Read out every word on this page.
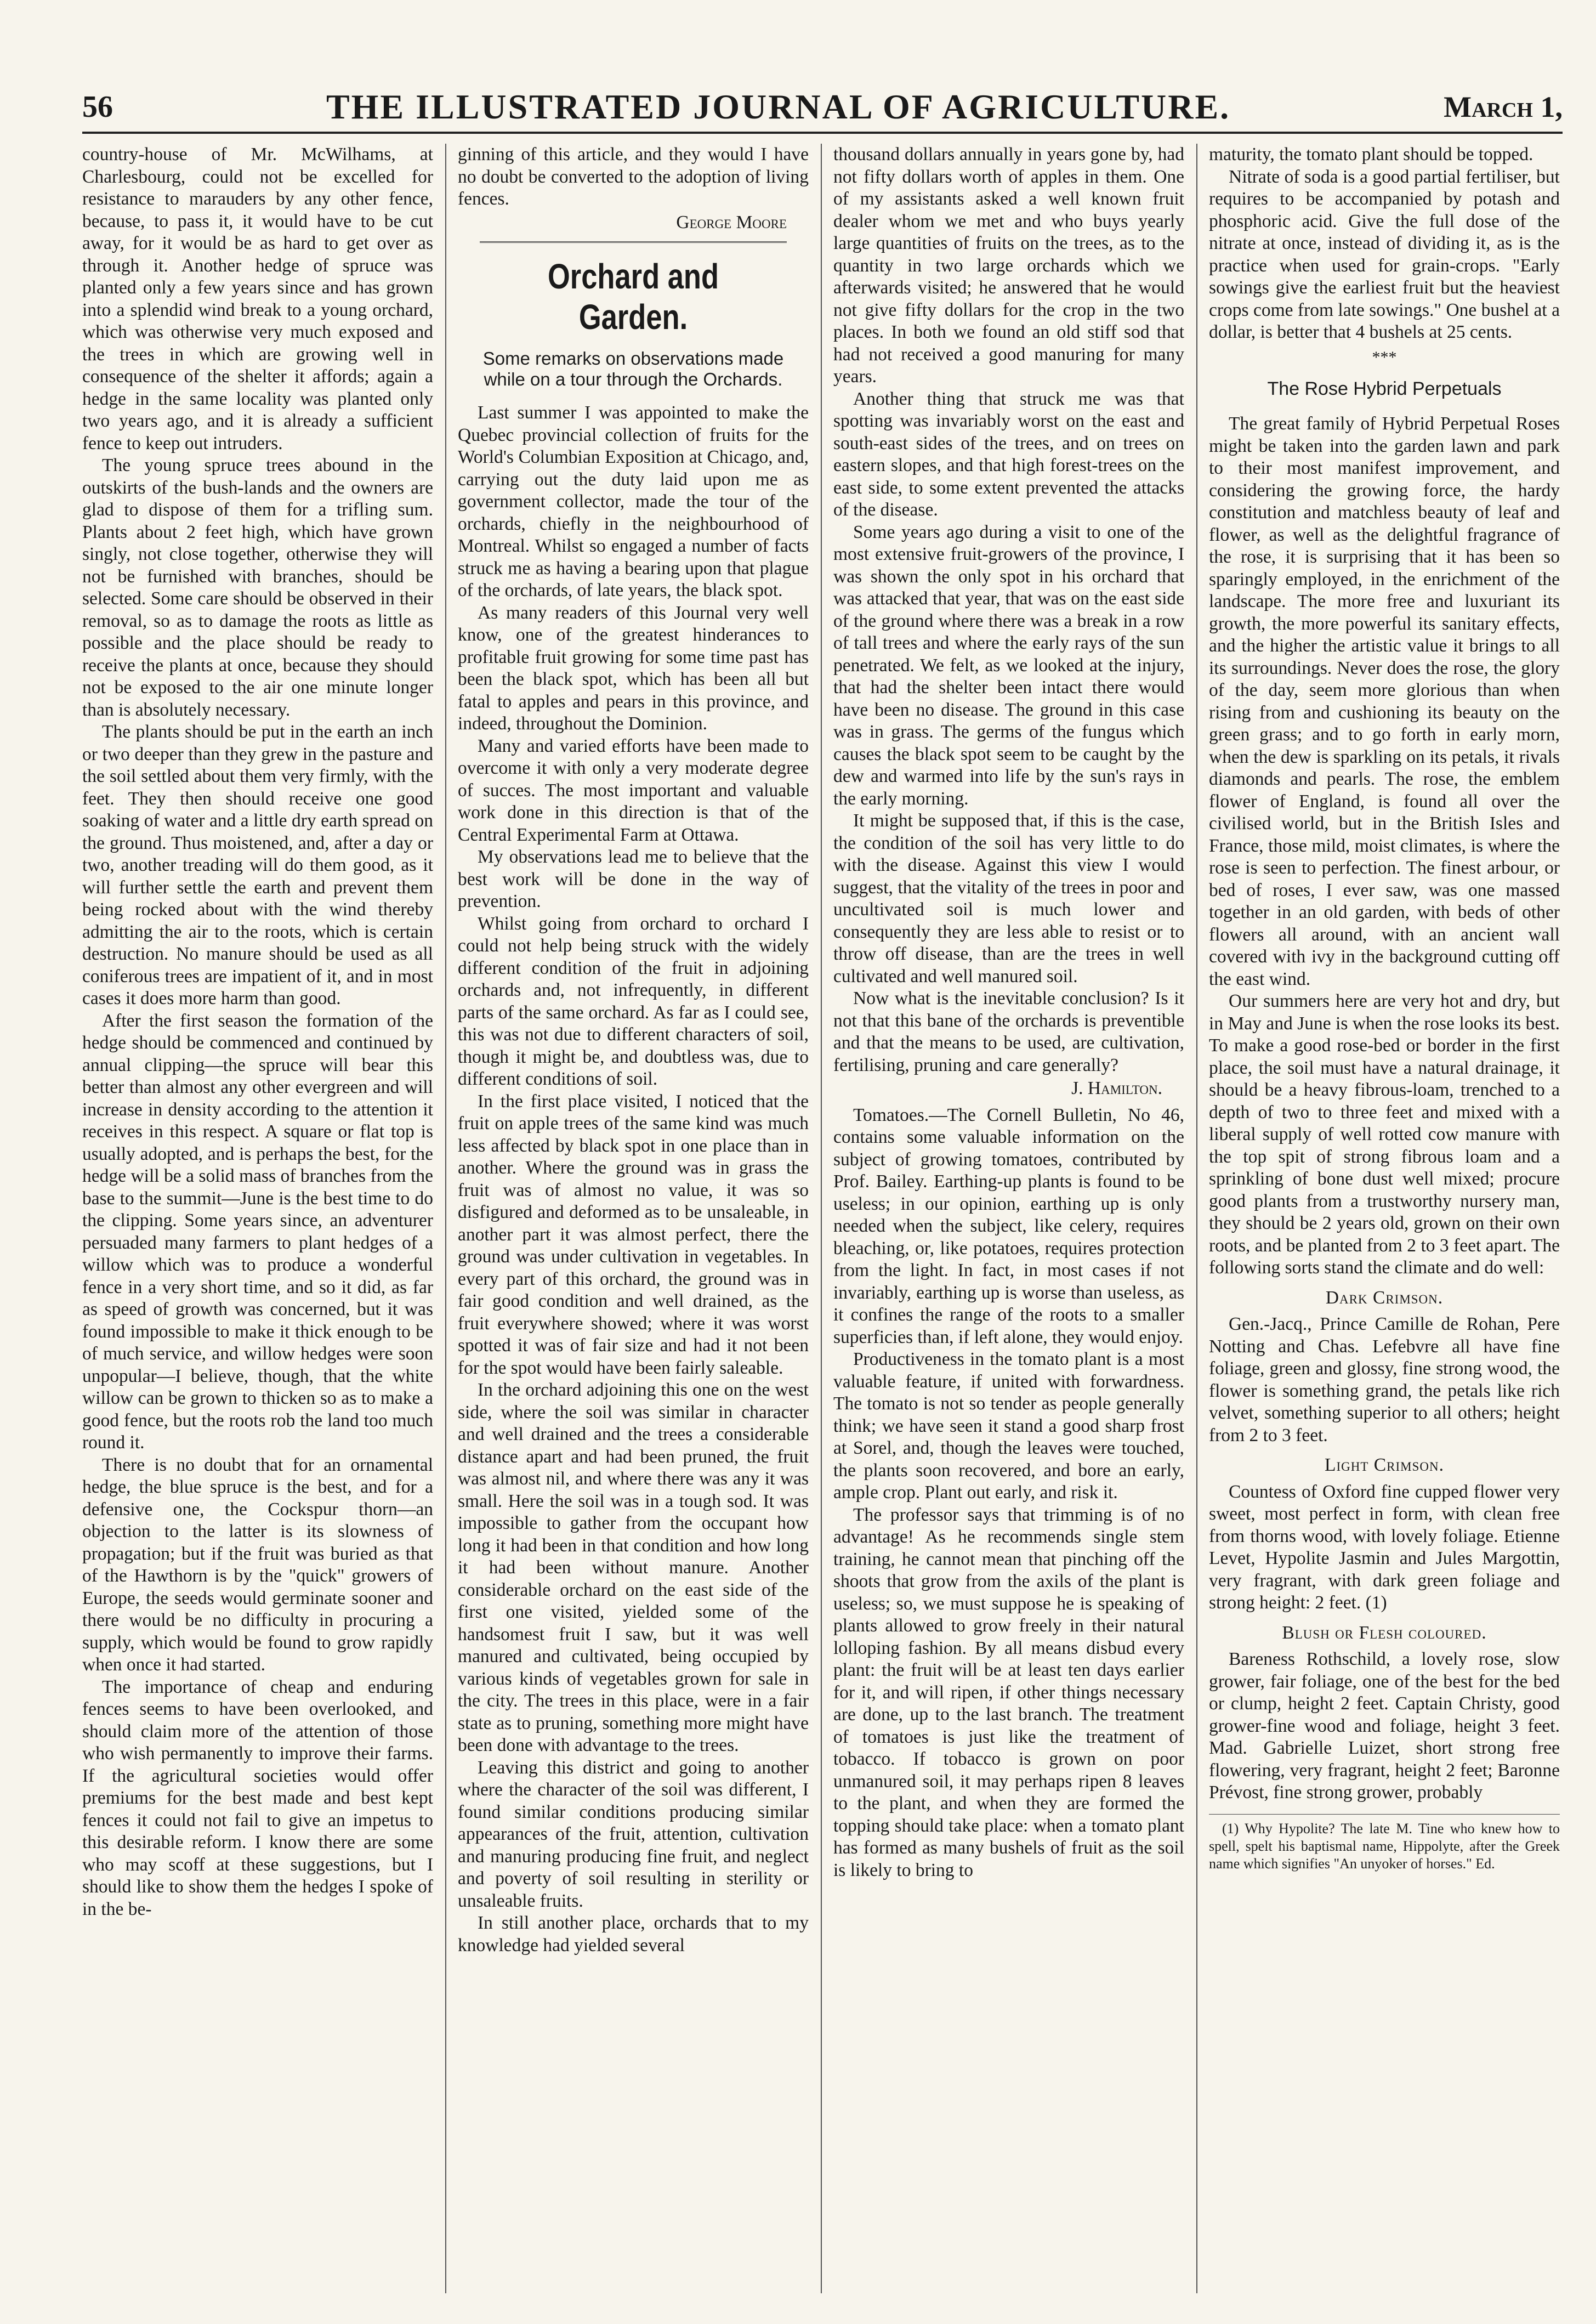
56	THE ILLUSTRATED JOURNAL OF AGRICULTURE.	March 1,

country-house of Mr. McWilhams, at Charlesbourg, could not be excelled for resistance to marauders by any other fence, because, to pass it, it would have to be cut away, for it would be as hard to get over as through it. Another hedge of spruce was planted only a few years since and has grown into a splendid wind break to a young orchard, which was otherwise very much exposed and the trees in which are growing well in consequence of the shelter it affords; again a hedge in the same locality was planted only two years ago, and it is already a sufficient fence to keep out intruders.

The young spruce trees abound in the outskirts of the bush-lands and the owners are glad to dispose of them for a trifling sum. Plants about 2 feet high, which have grown singly, not close together, otherwise they will not be furnished with branches, should be selected. Some care should be observed in their removal, so as to damage the roots as little as possible and the place should be ready to receive the plants at once, because they should not be exposed to the air one minute longer than is absolutely necessary.

The plants should be put in the earth an inch or two deeper than they grew in the pasture and the soil settled about them very firmly, with the feet. They then should receive one good soaking of water and a little dry earth spread on the ground. Thus moistened, and, after a day or two, another treading will do them good, as it will further settle the earth and prevent them being rocked about with the wind thereby admitting the air to the roots, which is certain destruction. No manure should be used as all coniferous trees are impatient of it, and in most cases it does more harm than good.

After the first season the formation of the hedge should be commenced and continued by annual clipping—the spruce will bear this better than almost any other evergreen and will increase in density according to the attention it receives in this respect. A square or flat top is usually adopted, and is perhaps the best, for the hedge will be a solid mass of branches from the base to the summit—June is the best time to do the clipping. Some years since, an adventurer persuaded many farmers to plant hedges of a willow which was to produce a wonderful fence in a very short time, and so it did, as far as speed of growth was concerned, but it was found impossible to make it thick enough to be of much service, and willow hedges were soon unpopular—I believe, though, that the white willow can be grown to thicken so as to make a good fence, but the roots rob the land too much round it.

There is no doubt that for an ornamental hedge, the blue spruce is the best, and for a defensive one, the Cockspur thorn—an objection to the latter is its slowness of propagation; but if the fruit was buried as that of the Hawthorn is by the "quick" growers of Europe, the seeds would germinate sooner and there would be no difficulty in procuring a supply, which would be found to grow rapidly when once it had started.

The importance of cheap and enduring fences seems to have been overlooked, and should claim more of the attention of those who wish permanently to improve their farms. If the agricultural societies would offer premiums for the best made and best kept fences it could not fail to give an impetus to this desirable reform. I know there are some who may scoff at these suggestions, but I should like to show them the hedges I spoke of in the be-

ginning of this article, and they would I have no doubt be converted to the adoption of living fences.

George Moore
Orchard and Garden.
Some remarks on observations made while on a tour through the Orchards.

Last summer I was appointed to make the Quebec provincial collection of fruits for the World's Columbian Exposition at Chicago, and, carrying out the duty laid upon me as government collector, made the tour of the orchards, chiefly in the neighbourhood of Montreal. Whilst so engaged a number of facts struck me as having a bearing upon that plague of the orchards, of late years, the black spot.

As many readers of this Journal very well know, one of the greatest hinderances to profitable fruit growing for some time past has been the black spot, which has been all but fatal to apples and pears in this province, and indeed, throughout the Dominion.

Many and varied efforts have been made to overcome it with only a very moderate degree of succes. The most important and valuable work done in this direction is that of the Central Experimental Farm at Ottawa.

My observations lead me to believe that the best work will be done in the way of prevention.

Whilst going from orchard to orchard I could not help being struck with the widely different condition of the fruit in adjoining orchards and, not infrequently, in different parts of the same orchard. As far as I could see, this was not due to different characters of soil, though it might be, and doubtless was, due to different conditions of soil.

In the first place visited, I noticed that the fruit on apple trees of the same kind was much less affected by black spot in one place than in another. Where the ground was in grass the fruit was of almost no value, it was so disfigured and deformed as to be unsaleable, in another part it was almost perfect, there the ground was under cultivation in vegetables. In every part of this orchard, the ground was in fair good condition and well drained, as the fruit everywhere showed; where it was worst spotted it was of fair size and had it not been for the spot would have been fairly saleable.

In the orchard adjoining this one on the west side, where the soil was similar in character and well drained and the trees a considerable distance apart and had been pruned, the fruit was almost nil, and where there was any it was small. Here the soil was in a tough sod. It was impossible to gather from the occupant how long it had been in that condition and how long it had been without manure. Another considerable orchard on the east side of the first one visited, yielded some of the handsomest fruit I saw, but it was well manured and cultivated, being occupied by various kinds of vegetables grown for sale in the city. The trees in this place, were in a fair state as to pruning, something more might have been done with advantage to the trees.

Leaving this district and going to another where the character of the soil was different, I found similar conditions producing similar appearances of the fruit, attention, cultivation and manuring producing fine fruit, and neglect and poverty of soil resulting in sterility or unsaleable fruits.

In still another place, orchards that to my knowledge had yielded several

thousand dollars annually in years gone by, had not fifty dollars worth of apples in them. One of my assistants asked a well known fruit dealer whom we met and who buys yearly large quantities of fruits on the trees, as to the quantity in two large orchards which we afterwards visited; he answered that he would not give fifty dollars for the crop in the two places. In both we found an old stiff sod that had not received a good manuring for many years.

Another thing that struck me was that spotting was invariably worst on the east and south-east sides of the trees, and on trees on eastern slopes, and that high forest-trees on the east side, to some extent prevented the attacks of the disease.

Some years ago during a visit to one of the most extensive fruit-growers of the province, I was shown the only spot in his orchard that was attacked that year, that was on the east side of the ground where there was a break in a row of tall trees and where the early rays of the sun penetrated. We felt, as we looked at the injury, that had the shelter been intact there would have been no disease. The ground in this case was in grass. The germs of the fungus which causes the black spot seem to be caught by the dew and warmed into life by the sun's rays in the early morning.

It might be supposed that, if this is the case, the condition of the soil has very little to do with the disease. Against this view I would suggest, that the vitality of the trees in poor and uncultivated soil is much lower and consequently they are less able to resist or to throw off disease, than are the trees in well cultivated and well manured soil.

Now what is the inevitable conclusion? Is it not that this bane of the orchards is preventible and that the means to be used, are cultivation, fertilising, pruning and care generally?

J. Hamilton.

Tomatoes.—The Cornell Bulletin, No 46, contains some valuable information on the subject of growing tomatoes, contributed by Prof. Bailey. Earthing-up plants is found to be useless; in our opinion, earthing up is only needed when the subject, like celery, requires bleaching, or, like potatoes, requires protection from the light. In fact, in most cases if not invariably, earthing up is worse than useless, as it confines the range of the roots to a smaller superficies than, if left alone, they would enjoy.

Productiveness in the tomato plant is a most valuable feature, if united with forwardness. The tomato is not so tender as people generally think; we have seen it stand a good sharp frost at Sorel, and, though the leaves were touched, the plants soon recovered, and bore an early, ample crop. Plant out early, and risk it.

The professor says that trimming is of no advantage! As he recommends single stem training, he cannot mean that pinching off the shoots that grow from the axils of the plant is useless; so, we must suppose he is speaking of plants allowed to grow freely in their natural lolloping fashion. By all means disbud every plant: the fruit will be at least ten days earlier for it, and will ripen, if other things necessary are done, up to the last branch. The treatment of tomatoes is just like the treatment of tobacco. If tobacco is grown on poor unmanured soil, it may perhaps ripen 8 leaves to the plant, and when they are formed the topping should take place: when a tomato plant has formed as many bushels of fruit as the soil is likely to bring to

maturity, the tomato plant should be topped.

Nitrate of soda is a good partial fertiliser, but requires to be accompanied by potash and phosphoric acid. Give the full dose of the nitrate at once, instead of dividing it, as is the practice when used for grain-crops. "Early sowings give the earliest fruit but the heaviest crops come from late sowings." One bushel at a dollar, is better that 4 bushels at 25 cents.

***
The Rose Hybrid Perpetuals

The great family of Hybrid Perpetual Roses might be taken into the garden lawn and park to their most manifest improvement, and considering the growing force, the hardy constitution and matchless beauty of leaf and flower, as well as the delightful fragrance of the rose, it is surprising that it has been so sparingly employed, in the enrichment of the landscape. The more free and luxuriant its growth, the more powerful its sanitary effects, and the higher the artistic value it brings to all its surroundings. Never does the rose, the glory of the day, seem more glorious than when rising from and cushioning its beauty on the green grass; and to go forth in early morn, when the dew is sparkling on its petals, it rivals diamonds and pearls. The rose, the emblem flower of England, is found all over the civilised world, but in the British Isles and France, those mild, moist climates, is where the rose is seen to perfection. The finest arbour, or bed of roses, I ever saw, was one massed together in an old garden, with beds of other flowers all around, with an ancient wall covered with ivy in the background cutting off the east wind.

Our summers here are very hot and dry, but in May and June is when the rose looks its best. To make a good rose-bed or border in the first place, the soil must have a natural drainage, it should be a heavy fibrous-loam, trenched to a depth of two to three feet and mixed with a liberal supply of well rotted cow manure with the top spit of strong fibrous loam and a sprinkling of bone dust well mixed; procure good plants from a trustworthy nursery man, they should be 2 years old, grown on their own roots, and be planted from 2 to 3 feet apart. The following sorts stand the climate and do well:

Dark Crimson.

Gen.-Jacq., Prince Camille de Rohan, Pere Notting and Chas. Lefebvre all have fine foliage, green and glossy, fine strong wood, the flower is something grand, the petals like rich velvet, something superior to all others; height from 2 to 3 feet.

Light Crimson.

Countess of Oxford fine cupped flower very sweet, most perfect in form, with clean free from thorns wood, with lovely foliage. Etienne Levet, Hypolite Jasmin and Jules Margottin, very fragrant, with dark green foliage and strong height: 2 feet. (1)

Blush or Flesh coloured.

Bareness Rothschild, a lovely rose, slow grower, fair foliage, one of the best for the bed or clump, height 2 feet. Captain Christy, good grower-fine wood and foliage, height 3 feet. Mad. Gabrielle Luizet, short strong free flowering, very fragrant, height 2 feet; Baronne Prévost, fine strong grower, probably

(1) Why Hypolite? The late M. Tine who knew how to spell, spelt his baptismal name, Hippolyte, after the Greek name which signifies "An unyoker of horses." Ed.
